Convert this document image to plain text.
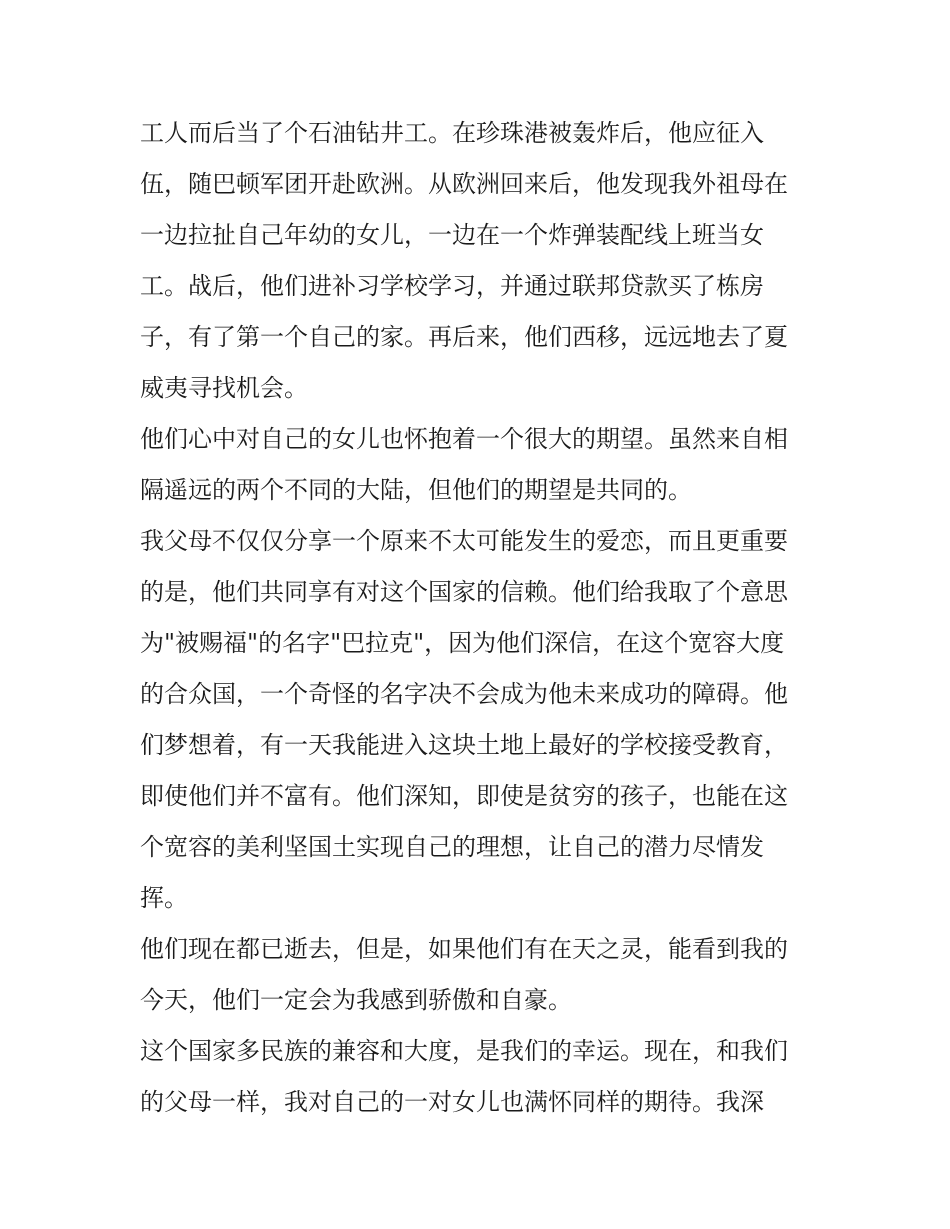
工人而后当了个石油钻井工。在珍珠港被轰炸后，他应征入
伍，随巴顿军团开赴欧洲。从欧洲回来后，他发现我外祖母在
一边拉扯自己年幼的女儿，一边在一个炸弹装配线上班当女
工。战后，他们进补习学校学习，并通过联邦贷款买了栋房
子，有了第一个自己的家。再后来，他们西移，远远地去了夏
威夷寻找机会。
他们心中对自己的女儿也怀抱着一个很大的期望。虽然来自相
隔遥远的两个不同的大陆，但他们的期望是共同的。
我父母不仅仅分享一个原来不太可能发生的爱恋，而且更重要
的是，他们共同享有对这个国家的信赖。他们给我取了个意思
为"被赐福"的名字"巴拉克"，因为他们深信，在这个宽容大度
的合众国，一个奇怪的名字决不会成为他未来成功的障碍。他
们梦想着，有一天我能进入这块土地上最好的学校接受教育，
即使他们并不富有。他们深知，即使是贫穷的孩子，也能在这
个宽容的美利坚国土实现自己的理想，让自己的潜力尽情发
挥。
他们现在都已逝去，但是，如果他们有在天之灵，能看到我的
今天，他们一定会为我感到骄傲和自豪。
这个国家多民族的兼容和大度，是我们的幸运。现在，和我们
的父母一样，我对自己的一对女儿也满怀同样的期待。我深
